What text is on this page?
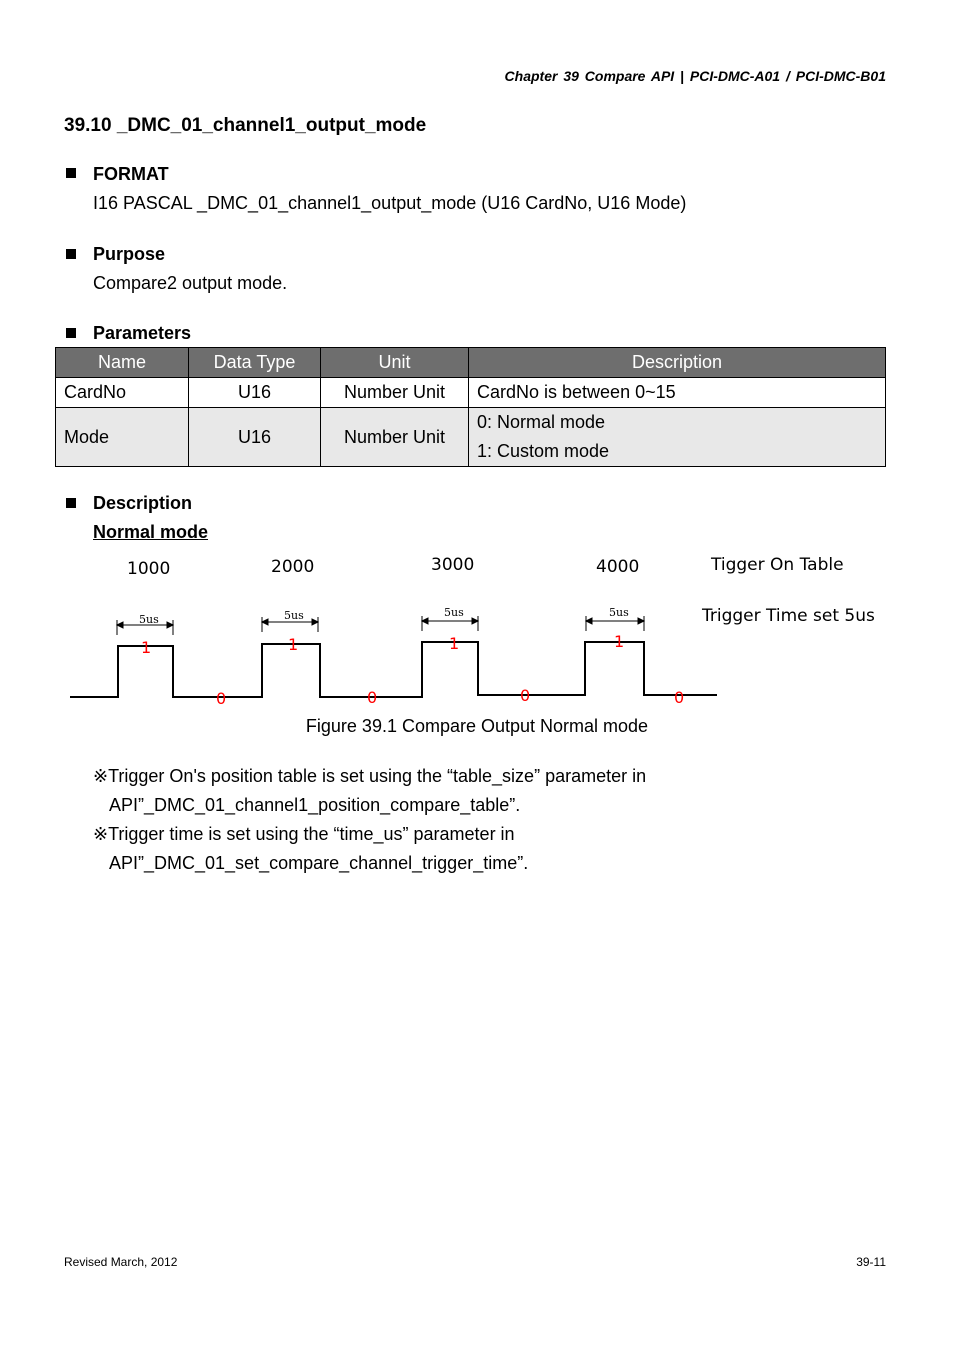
Chapter 39 Compare API | PCI-DMC-A01 / PCI-DMC-B01
39.10 _DMC_01_channel1_output_mode
FORMAT
I16 PASCAL _DMC_01_channel1_output_mode (U16 CardNo, U16 Mode)
Purpose
Compare2 output mode.
Parameters
Name	Data Type	Unit	Description
CardNo	U16	Number Unit	CardNo is between 0~15
Mode	U16	Number Unit	0: Normal mode
1: Custom mode
Description
Normal mode
1000	2000	3000	4000	Tigger On Table
Trigger Time set 5us
5us	5us	5us	5us
1	1	1	1
0	0	0	0
Figure 39.1 Compare Output Normal mode
※Trigger On's position table is set using the “table_size” parameter in
API”_DMC_01_channel1_position_compare_table”.
※Trigger time is set using the “time_us” parameter in
API”_DMC_01_set_compare_channel_trigger_time”.
Revised March, 2012	39-11
